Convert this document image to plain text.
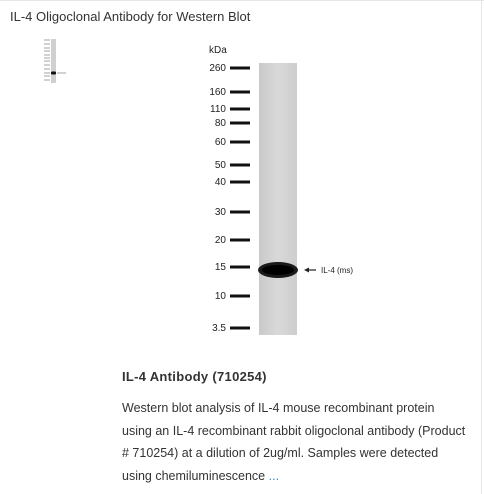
IL-4 Oligoclonal Antibody for Western Blot
kDa
260
160
110
80
60
50
40
30
20
15
10
3.5
IL-4 (ms)
IL-4 Antibody (710254)
Western blot analysis of IL-4 mouse recombinant protein using an IL-4 recombinant rabbit oligoclonal antibody (Product # 710254) at a dilution of 2ug/ml. Samples were detected using chemiluminescence ...
